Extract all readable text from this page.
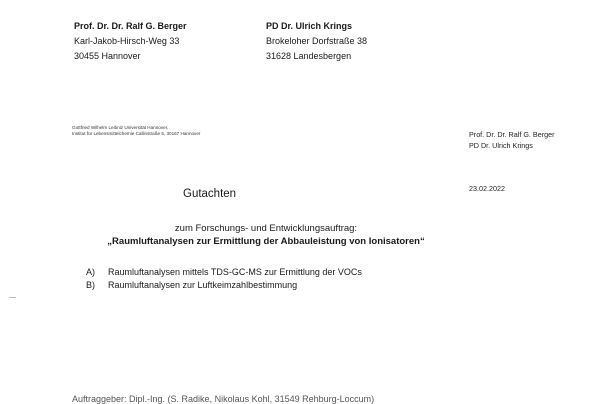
Prof. Dr. Dr. Ralf G. Berger
Karl-Jakob-Hirsch-Weg 33
30455 Hannover
PD Dr. Ulrich Krings
Brokeloher Dorfstraße 38
31628 Landesbergen
Gottfried Wilhelm Leibniz Universität Hannover,
Institut für Lebensmittelchemie Callinstraße 5, 30167 Hannover	Prof. Dr. Dr. Ralf G. Berger
PD Dr. Ulrich Krings
23.02.2022
Gutachten
zum Forschungs- und Entwicklungsauftrag:
„Raumluftanalysen zur Ermittlung der Abbauleistung von Ionisatoren“
A) Raumluftanalysen mittels TDS-GC-MS zur Ermittlung der VOCs
B) Raumluftanalysen zur Luftkeimzahlbestimmung
Auftraggeber: Dipl.-Ing. (S. Radike, Nikolaus Kohl, 31549 Rehburg-Loccum)
